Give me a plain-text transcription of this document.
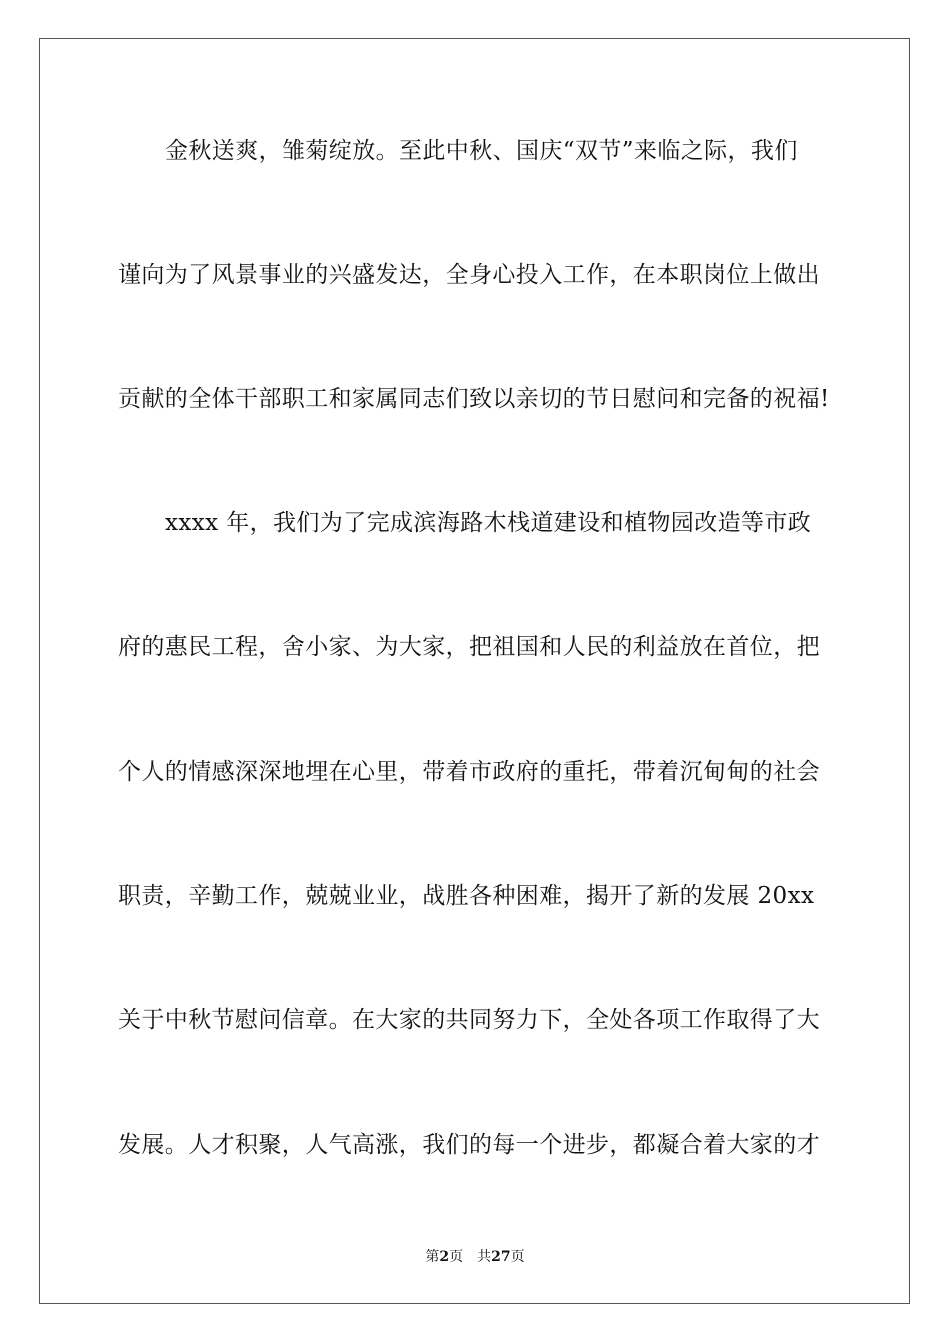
金秋送爽，雏菊绽放。至此中秋、国庆“双节”来临之际，我们
谨向为了风景事业的兴盛发达，全身心投入工作，在本职岗位上做出
贡献的全体干部职工和家属同志们致以亲切的节日慰问和完备的祝福!
xxxx 年，我们为了完成滨海路木栈道建设和植物园改造等市政
府的惠民工程，舍小家、为大家，把祖国和人民的利益放在首位，把
个人的情感深深地埋在心里，带着市政府的重托，带着沉甸甸的社会
职责，辛勤工作，兢兢业业，战胜各种困难，揭开了新的发展 20xx
关于中秋节慰问信章。在大家的共同努力下，全处各项工作取得了大
发展。人才积聚，人气高涨，我们的每一个进步，都凝合着大家的才
第2页 共27页
